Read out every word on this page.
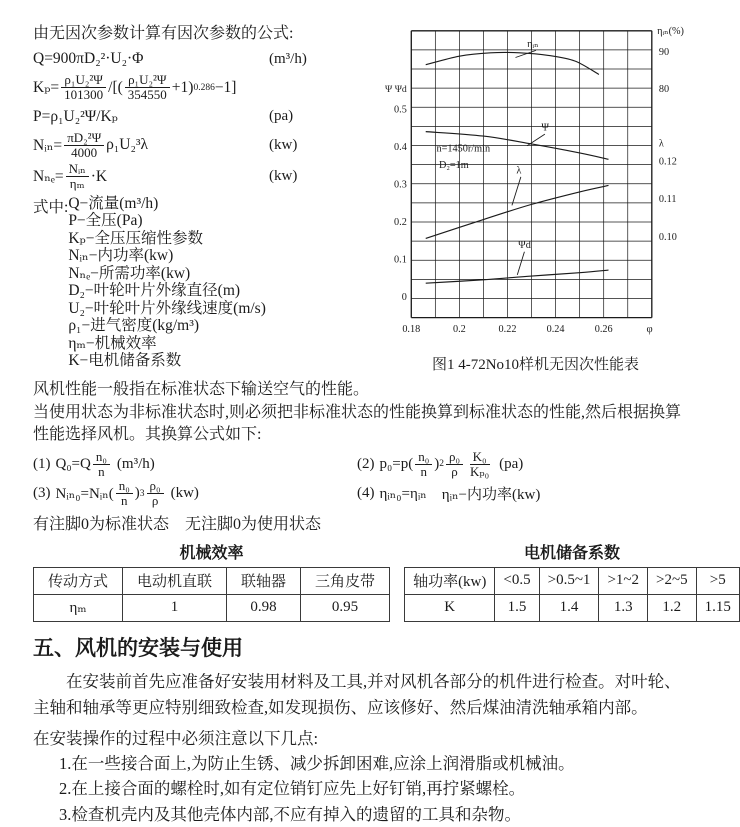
由无因次参数计算有因次参数的公式:
Q=900πD₂²·U₂·Φ	(m³/h)
$K_p= \frac{\text{ρ₁U₂²Ψ}}{101300}$ /[( $\frac{\text{ρ₁U₂²Ψ}}{354550} +1$) 0.286 −1]
P=ρ₁U₂²Ψ/Kₚ	(pa)
Nᵢₙ= $\frac{\text{πD₂²Ψ}}{4000} \rho_1U_2^3\lambda$	(kw)
$N_{ne}= \frac{\text{Nᵢₙ}}{\text{ηₘ}} \cdot K$	(kw)
式中: Q−流量(m³/h)
P−全压(Pa)
Kₚ−全压压缩性参数
Nᵢₙ−内功率(kw)
Nₙₑ−所需功率(kw)
D₂−叶轮叶片外缘直径(m)
U₂−叶轮叶片外缘线速度(m/s)
ρ₁−进气密度(kg/m³)
ηₘ−机械效率
K−电机储备系数
风机性能一般指在标准状态下输送空气的性能。
ηᵢₙ
Ψ
λ
Ψd
Ψ Ψd
0.5
0.4
0.3
0.2
0.1
0
ηᵢₙ(%)
90
80
λ
0.12
0.11
0.10
0.18	0.2	0.22	0.24	0.26	φ
n=1450r/min
D₂=1m
图1 4-72No10样机无因次性能表
当使用状态为非标准状态时,则必须把非标准状态的性能换算到标准状态的性能,然后根据换算性能选择风机。其换算公式如下:
(1) $Q_0=Q \frac{\text{n₀}}{n} (m^3/h)$	(2) $p_0=p( \frac{\text{n₀}}{n}$ ) $2 \frac{\text{ρ₀}}{\rho} \frac{\text{K₀}}{\text{Kₚ₀}} (pa)$
(3) Nᵢₙ₀=Nᵢₙ( $\frac{\text{n₀}}{n}$ ) $3 \frac{\text{ρ₀}}{\rho} (kw)$	(4) ηᵢₙ₀=ηᵢₙ 　ηᵢₙ−内功率(kw)
有注脚0为标准状态　无注脚0为使用状态
机械效率
传动方式	电动机直联	联轴器	三角皮带
ηₘ	1	0.98	0.95
电机储备系数
轴功率(kw)	<0.5	>0.5~1	>1~2	>2~5	>5
K	1.5	1.4	1.3	1.2	1.15
五、风机的安装与使用
在安装前首先应准备好安装用材料及工具,并对风机各部分的机件进行检查。对叶轮、主轴和轴承等更应特别细致检查,如发现损伤、应该修好、然后煤油清洗轴承箱内部。
在安装操作的过程中必须注意以下几点:
1.在一些接合面上,为防止生锈、减少拆卸困难,应涂上润滑脂或机械油。
2.在上接合面的螺栓时,如有定位销钉应先上好钉销,再拧紧螺栓。
3.检查机壳内及其他壳体内部,不应有掉入的遗留的工具和杂物。
